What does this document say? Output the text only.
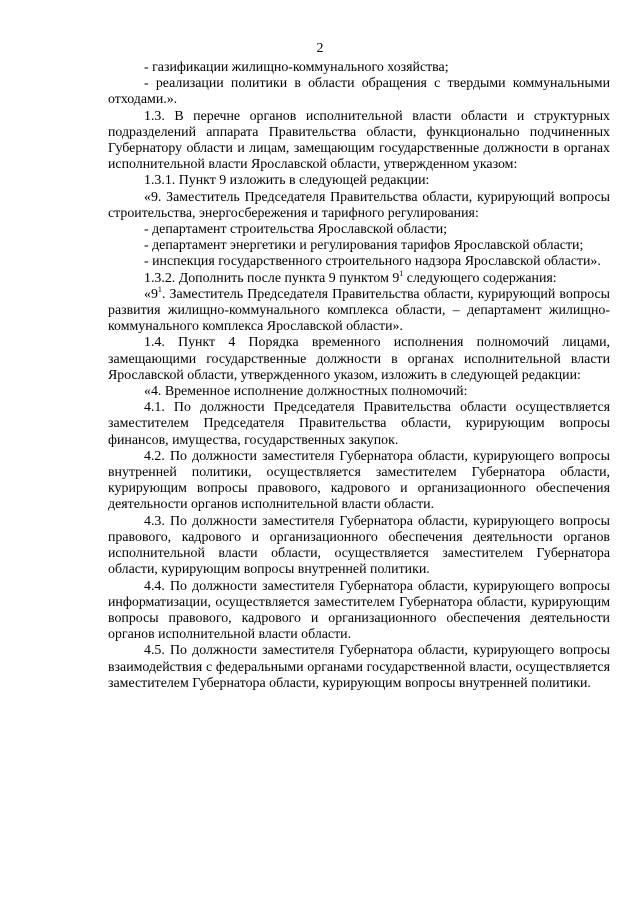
2

- газификации жилищно-коммунального хозяйства;

- реализации политики в области обращения с твердыми коммунальными отходами.».

1.3. В перечне органов исполнительной власти области и структурных подразделений аппарата Правительства области, функционально подчиненных Губернатору области и лицам, замещающим государственные должности в органах исполнительной власти Ярославской области, утвержденном указом:

1.3.1. Пункт 9 изложить в следующей редакции:

«9. Заместитель Председателя Правительства области, курирующий вопросы строительства, энергосбережения и тарифного регулирования:

- департамент строительства Ярославской области;

- департамент энергетики и регулирования тарифов Ярославской области;

- инспекция государственного строительного надзора Ярославской области».

1.3.2. Дополнить после пункта 9 пунктом $9^1$ следующего содержания:

«$9^1$. Заместитель Председателя Правительства области, курирующий вопросы развития жилищно-коммунального комплекса области, – департамент жилищно-коммунального комплекса Ярославской области».

1.4. Пункт 4 Порядка временного исполнения полномочий лицами, замещающими государственные должности в органах исполнительной власти Ярославской области, утвержденного указом, изложить в следующей редакции:

«4. Временное исполнение должностных полномочий:

4.1. По должности Председателя Правительства области осуществляется заместителем Председателя Правительства области, курирующим вопросы финансов, имущества, государственных закупок.

4.2. По должности заместителя Губернатора области, курирующего вопросы внутренней политики, осуществляется заместителем Губернатора области, курирующим вопросы правового, кадрового и организационного обеспечения деятельности органов исполнительной власти области.

4.3. По должности заместителя Губернатора области, курирующего вопросы правового, кадрового и организационного обеспечения деятельности органов исполнительной власти области, осуществляется заместителем Губернатора области, курирующим вопросы внутренней политики.

4.4. По должности заместителя Губернатора области, курирующего вопросы информатизации, осуществляется заместителем Губернатора области, курирующим вопросы правового, кадрового и организационного обеспечения деятельности органов исполнительной власти области.

4.5. По должности заместителя Губернатора области, курирующего вопросы взаимодействия с федеральными органами государственной власти, осуществляется заместителем Губернатора области, курирующим вопросы внутренней политики.
